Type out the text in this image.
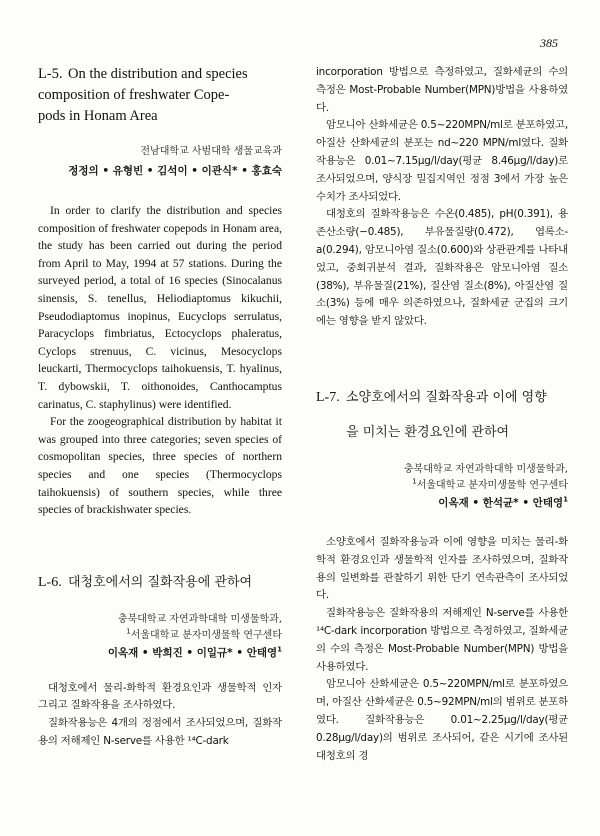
385

L-5. On the distribution and species

composition of freshwater Cope-

pods in Honam Area

전남대학교 사범대학 생물교육과
정정의 • 유형빈 • 김석이 • 이관식* • 홍효숙

In order to clarify the distribution and species composition of freshwater copepods in Honam area, the study has been carried out during the period from April to May, 1994 at 57 stations. During the surveyed period, a total of 16 species (Sinocalanus sinensis, S. tenellus, Heliodiaptomus kikuchii, Pseudodiaptomus inopinus, Eucyclops serrulatus, Paracyclops fimbriatus, Ectocyclops phaleratus, Cyclops strenuus, C. vicinus, Mesocyclops leuckarti, Thermocyclops taihokuensis, T. hyalinus, T. dybowskii, T. oithonoides, Canthocamptus carinatus, C. staphylinus) were identified.

For the zoogeographical distribution by habitat it was grouped into three categories; seven species of cosmopolitan species, three species of northern species and one species (Thermocyclops taihokuensis) of southern species, while three species of brackishwater species.

L-6. 대청호에서의 질화작용에 관하여

충북대학교 자연과학대학 미생물학과,
$^1$서울대학교 분자미생물학 연구센타
이옥재 • 박희진 • 이일규* • 안태영$^1$

대청호에서 물리-화학적 환경요인과 생물학적 인자 그리고 질화작용을 조사하였다.

질화작용능은 4개의 정점에서 조사되었으며, 질화작용의 저해제인 N-serve를 사용한 ¹⁴C-dark

incorporation 방법으로 측정하였고, 질화세균의 수의 측정은 Most-Probable Number(MPN)방법을 사용하였다.

암모니아 산화세균은 0.5~220MPN/ml로 분포하였고, 아질산 산화세균의 분포는 nd~220 MPN/ml였다. 질화작용능은 0.01~7.15μg/l/day(평균 8.46μg/l/day)로 조사되었으며, 양식장 밀집지역인 정점 3에서 가장 높은 수치가 조사되었다.

대청호의 질화작용능은 수온(0.485), pH(0.391), 용존산소량(−0.485), 부유물질량(0.472), 엽록소-a(0.294), 암모니아염 질소(0.600)와 상관관계를 나타내었고, 중회귀분석 결과, 질화작용은 암모니아염 질소(38%), 부유물질(21%), 질산염 질소(8%), 아질산염 질소(3%) 등에 매우 의존하였으나, 질화세균 군집의 크기에는 영향을 받지 않았다.

L-7. 소양호에서의 질화작용과 이에 영향

을 미치는 환경요인에 관하여

충북대학교 자연과학대학 미생물학과,
$^1$서울대학교 분자미생물학 연구센타
이옥재 • 한석균* • 안태영$^1$

소양호에서 질화작용능과 이에 영향을 미치는 물리-화학적 환경요인과 생물학적 인자를 조사하였으며, 질화작용의 일변화를 관찰하기 위한 단기 연속관측이 조사되었다.

질화작용능은 질화작용의 저해제인 N-serve를 사용한 ¹⁴C-dark incorporation 방법으로 측정하였고, 질화세균의 수의 측정은 Most-Probable Number(MPN) 방법을 사용하였다.

암모니아 산화세균은 0.5~220MPN/ml로 분포하였으며, 아질산 산화세균은 0.5~92MPN/ml의 범위로 분포하였다. 질화작용능은 0.01~2.25μg/l/day(평균 0.28μg/l/day)의 범위로 조사되어, 같은 시기에 조사된 대청호의 경
